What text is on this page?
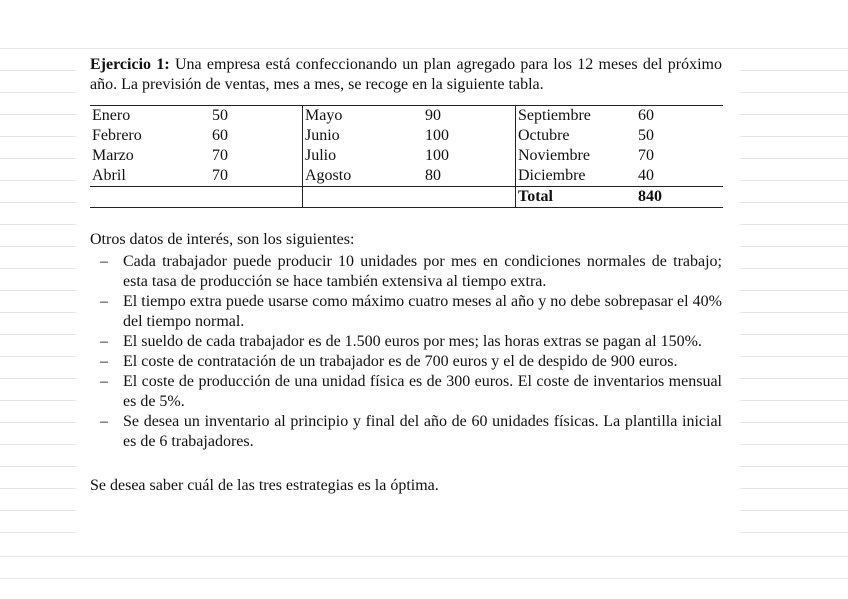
Ejercicio 1: Una empresa está confeccionando un plan agregado para los 12 meses del próximo año. La previsión de ventas, mes a mes, se recoge en la siguiente tabla.

Enero	50	Mayo	90	Septiembre	60
Febrero	60	Junio	100	Octubre	50
Marzo	70	Julio	100	Noviembre	70
Abril	70	Agosto	80	Diciembre	40
				Total	840

Otros datos de interés, son los siguientes:

– Cada trabajador puede producir 10 unidades por mes en condiciones normales de trabajo; esta tasa de producción se hace también extensiva al tiempo extra.
– El tiempo extra puede usarse como máximo cuatro meses al año y no debe sobrepasar el 40% del tiempo normal.
– El sueldo de cada trabajador es de 1.500 euros por mes; las horas extras se pagan al 150%.
– El coste de contratación de un trabajador es de 700 euros y el de despido de 900 euros.
– El coste de producción de una unidad física es de 300 euros. El coste de inventarios mensual es de 5%.
– Se desea un inventario al principio y final del año de 60 unidades físicas. La plantilla inicial es de 6 trabajadores.

Se desea saber cuál de las tres estrategias es la óptima.
